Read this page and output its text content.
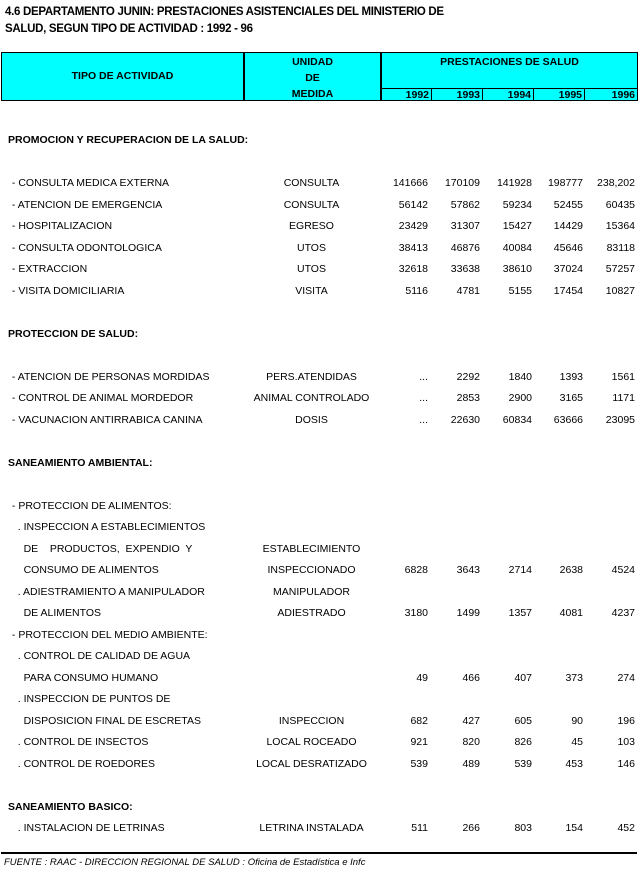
4.6 DEPARTAMENTO JUNIN: PRESTACIONES ASISTENCIALES DEL MINISTERIO DE
SALUD, SEGUN TIPO DE ACTIVIDAD : 1992 - 96
TIPO DE ACTIVIDAD
UNIDAD
DE
MEDIDA
PRESTACIONES DE SALUD
1992	1993	1994	1995	1996
PROMOCION Y RECUPERACION DE LA SALUD:
- CONSULTA MEDICA EXTERNA	CONSULTA	141666	170109	141928	198777	238,202
- ATENCION DE EMERGENCIA	CONSULTA	56142	57862	59234	52455	60435
- HOSPITALIZACION	EGRESO	23429	31307	15427	14429	15364
- CONSULTA ODONTOLOGICA	UTOS	38413	46876	40084	45646	83118
- EXTRACCION	UTOS	32618	33638	38610	37024	57257
- VISITA DOMICILIARIA	VISITA	5116	4781	5155	17454	10827
PROTECCION DE SALUD:
- ATENCION DE PERSONAS MORDIDAS	PERS.ATENDIDAS	...	2292	1840	1393	1561
- CONTROL DE ANIMAL MORDEDOR	ANIMAL CONTROLADO	...	2853	2900	3165	1171
- VACUNACION ANTIRRABICA CANINA	DOSIS	...	22630	60834	63666	23095
SANEAMIENTO AMBIENTAL:
- PROTECCION DE ALIMENTOS:
. INSPECCION A ESTABLECIMIENTOS
DE    PRODUCTOS,  EXPENDIO  Y	ESTABLECIMIENTO
CONSUMO DE ALIMENTOS	INSPECCIONADO	6828	3643	2714	2638	4524
. ADIESTRAMIENTO A MANIPULADOR	MANIPULADOR
DE ALIMENTOS	ADIESTRADO	3180	1499	1357	4081	4237
- PROTECCION DEL MEDIO AMBIENTE:
. CONTROL DE CALIDAD DE AGUA
PARA CONSUMO HUMANO	49	466	407	373	274
. INSPECCION DE PUNTOS DE
DISPOSICION FINAL DE ESCRETAS	INSPECCION	682	427	605	90	196
. CONTROL DE INSECTOS	LOCAL ROCEADO	921	820	826	45	103
. CONTROL DE ROEDORES	LOCAL DESRATIZADO	539	489	539	453	146
SANEAMIENTO BASICO:
. INSTALACION DE LETRINAS	LETRINA INSTALADA	511	266	803	154	452
FUENTE : RAAC - DIRECCION REGIONAL DE SALUD : Oficina de Estadística e Infc
